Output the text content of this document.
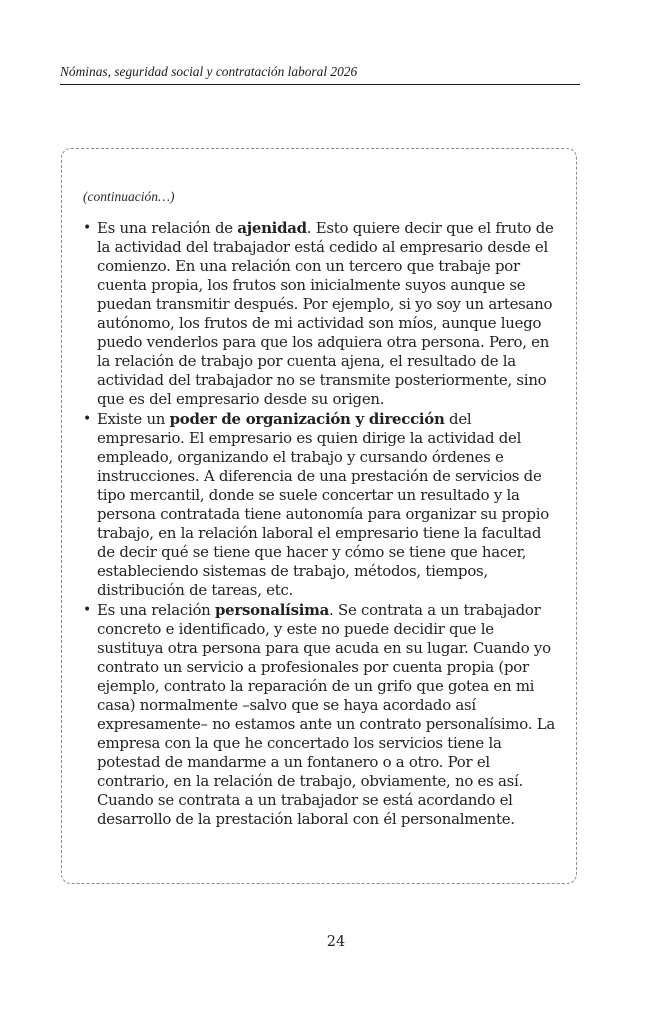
Nóminas, seguridad social y contratación laboral 2026
(continuación…)
• Es una relación de ajenidad. Esto quiere decir que el fruto de la actividad del trabajador está cedido al empresario desde el comienzo. En una relación con un tercero que trabaje por cuenta propia, los frutos son inicialmente suyos aunque se puedan transmitir después. Por ejemplo, si yo soy un artesano autónomo, los frutos de mi actividad son míos, aunque luego puedo venderlos para que los adquiera otra persona. Pero, en la relación de trabajo por cuenta ajena, el resultado de la actividad del trabajador no se transmite posteriormente, sino que es del empresario desde su origen.
• Existe un poder de organización y dirección del empresario. El empresario es quien dirige la actividad del empleado, organizando el trabajo y cursando órdenes e instrucciones. A diferencia de una prestación de servicios de tipo mercantil, donde se suele concertar un resultado y la persona contratada tiene autonomía para organizar su propio trabajo, en la relación laboral el empresario tiene la facultad de decir qué se tiene que hacer y cómo se tiene que hacer, estableciendo sistemas de trabajo, métodos, tiempos, distribución de tareas, etc.
• Es una relación personalísima. Se contrata a un trabajador concreto e identificado, y este no puede decidir que le sustituya otra persona para que acuda en su lugar. Cuando yo contrato un servicio a profesionales por cuenta propia (por ejemplo, contrato la reparación de un grifo que gotea en mi casa) normalmente –salvo que se haya acordado así expresamente– no estamos ante un contrato personalísimo. La empresa con la que he concertado los servicios tiene la potestad de mandarme a un fontanero o a otro. Por el contrario, en la relación de trabajo, obviamente, no es así. Cuando se contrata a un trabajador se está acordando el desarrollo de la prestación laboral con él personalmente.
24
